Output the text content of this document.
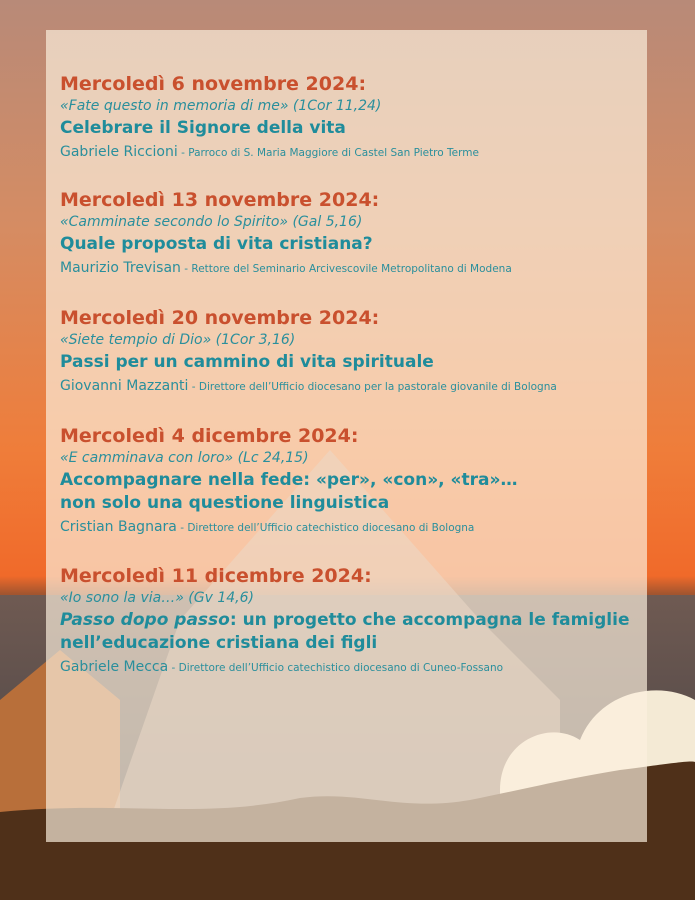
Mercoledì 6 novembre 2024:
«Fate questo in memoria di me» (1Cor 11,24)
Celebrare il Signore della vita
Gabriele Riccioni - Parroco di S. Maria Maggiore di Castel San Pietro Terme
Mercoledì 13 novembre 2024:
«Camminate secondo lo Spirito» (Gal 5,16)
Quale proposta di vita cristiana?
Maurizio Trevisan - Rettore del Seminario Arcivescovile Metropolitano di Modena
Mercoledì 20 novembre 2024:
«Siete tempio di Dio» (1Cor 3,16)
Passi per un cammino di vita spirituale
Giovanni Mazzanti - Direttore dell’Ufficio diocesano per la pastorale giovanile di Bologna
Mercoledì 4 dicembre 2024:
«E camminava con loro» (Lc 24,15)
Accompagnare nella fede: «per», «con», «tra»…
non solo una questione linguistica
Cristian Bagnara - Direttore dell’Ufficio catechistico diocesano di Bologna
Mercoledì 11 dicembre 2024:
«Io sono la via…» (Gv 14,6)
Passo dopo passo: un progetto che accompagna le famiglie
nell’educazione cristiana dei figli
Gabriele Mecca - Direttore dell’Ufficio catechistico diocesano di Cuneo-Fossano
